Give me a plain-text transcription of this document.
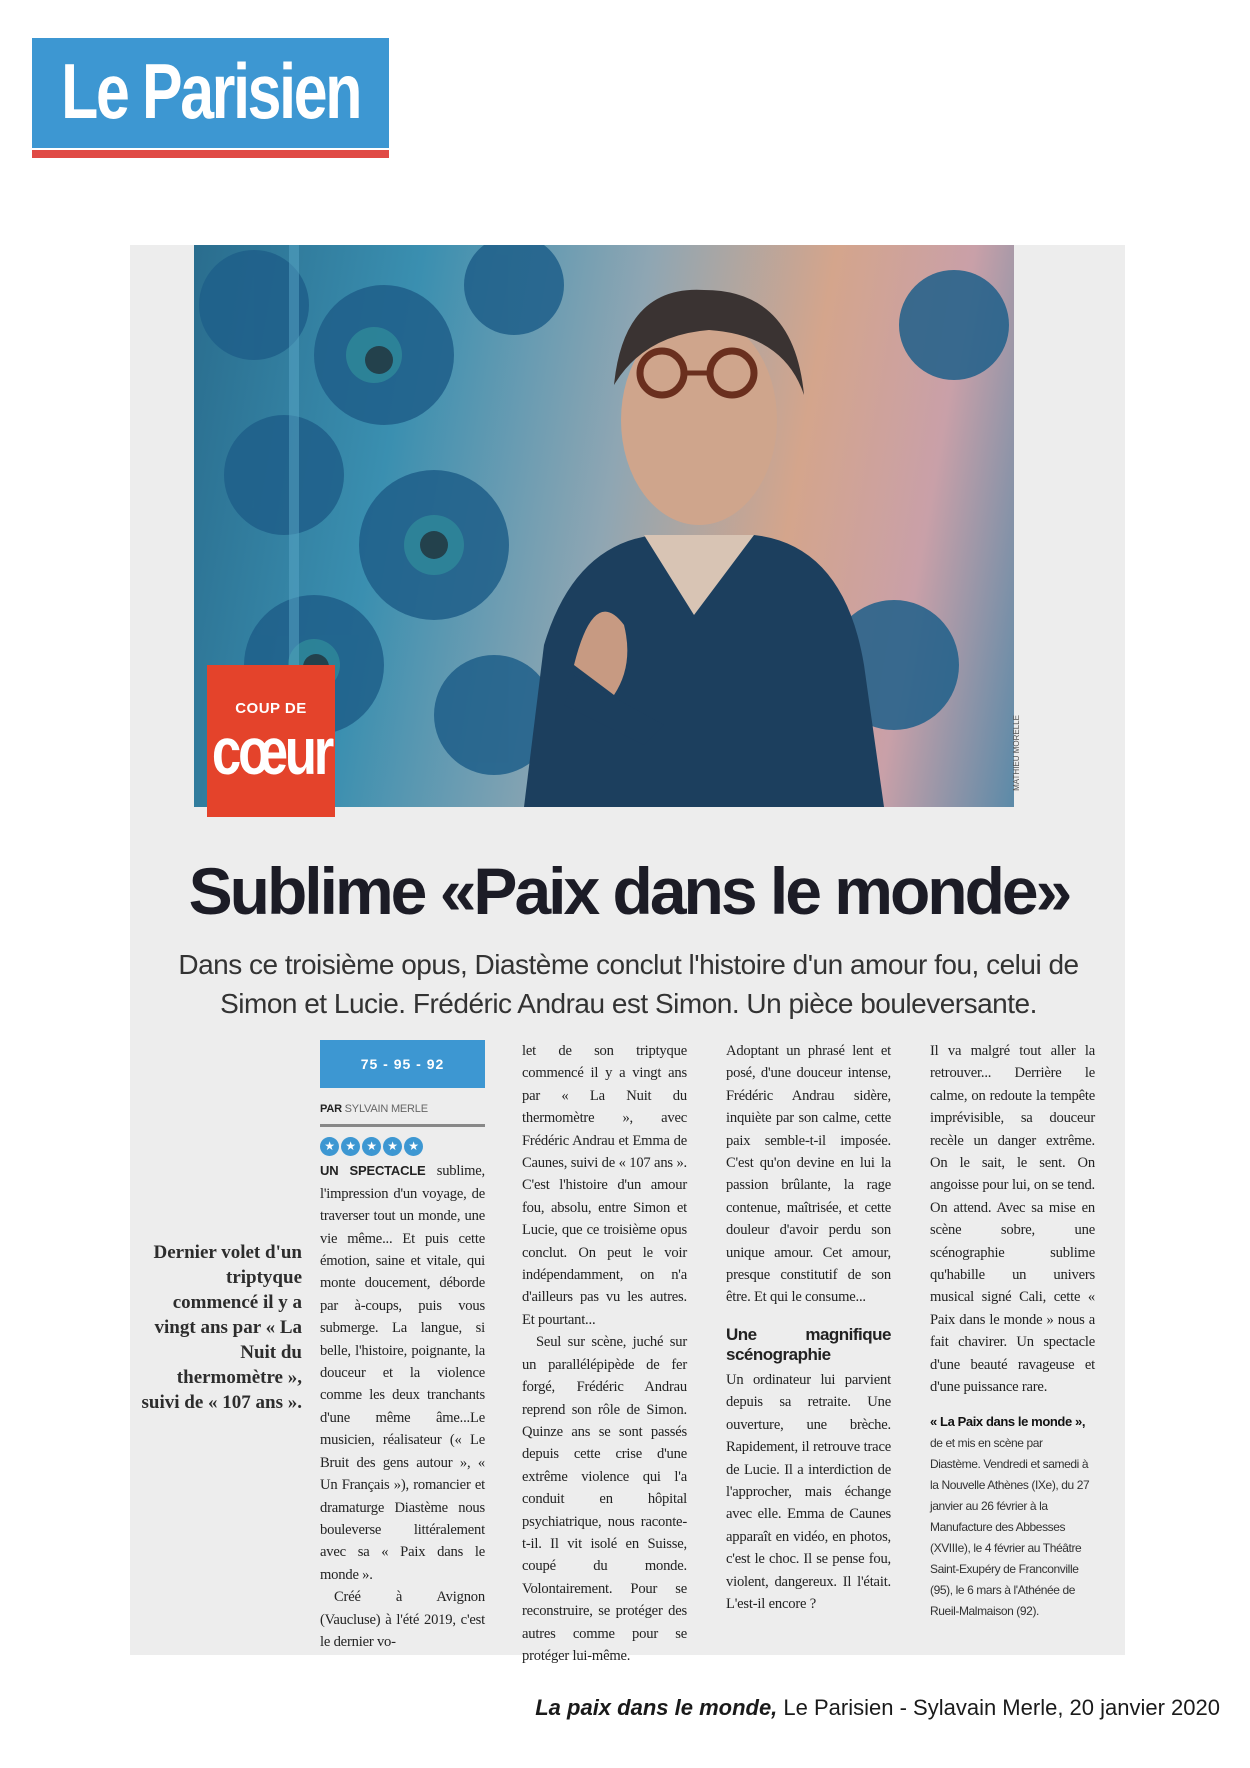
Le Parisien
MATHIEU MORELLE
COUP DE
cœur
Sublime «Paix dans le monde»
Dans ce troisième opus, Diastème conclut l'histoire d'un amour fou, celui de Simon et Lucie. Frédéric Andrau est Simon. Un pièce bouleversante.
Dernier volet d'un triptyque commencé il y a vingt ans par « La Nuit du thermomètre », suivi de « 107 ans ».
75 - 95 - 92
PAR SYLVAIN MERLE
★ ★ ★ ★ ★

UN SPECTACLE sublime, l'impression d'un voyage, de traverser tout un monde, une vie même... Et puis cette émotion, saine et vitale, qui monte doucement, déborde par à-coups, puis vous submerge. La langue, si belle, l'histoire, poignante, la douceur et la violence comme les deux tranchants d'une même âme...Le musicien, réalisateur (« Le Bruit des gens autour », « Un Français »), romancier et dramaturge Diastème nous bouleverse littéralement avec sa « Paix dans le monde ».

Créé à Avignon (Vaucluse) à l'été 2019, c'est le dernier vo-

let de son triptyque commencé il y a vingt ans par « La Nuit du thermomètre », avec Frédéric Andrau et Emma de Caunes, suivi de « 107 ans ». C'est l'histoire d'un amour fou, absolu, entre Simon et Lucie, que ce troisième opus conclut. On peut le voir indépendamment, on n'a d'ailleurs pas vu les autres. Et pourtant...

Seul sur scène, juché sur un parallélépipède de fer forgé, Frédéric Andrau reprend son rôle de Simon. Quinze ans se sont passés depuis cette crise d'une extrême violence qui l'a conduit en hôpital psychiatrique, nous raconte-t-il. Il vit isolé en Suisse, coupé du monde. Volontairement. Pour se reconstruire, se protéger des autres comme pour se protéger lui-même.

Adoptant un phrasé lent et posé, d'une douceur intense, Frédéric Andrau sidère, inquiète par son calme, cette paix semble-t-il imposée. C'est qu'on devine en lui la passion brûlante, la rage contenue, maîtrisée, et cette douleur d'avoir perdu son unique amour. Cet amour, presque constitutif de son être. Et qui le consume...

Une magnifique scénographie

Un ordinateur lui parvient depuis sa retraite. Une ouverture, une brèche. Rapidement, il retrouve trace de Lucie. Il a interdiction de l'approcher, mais échange avec elle. Emma de Caunes apparaît en vidéo, en photos, c'est le choc. Il se pense fou, violent, dangereux. Il l'était. L'est-il encore ?

Il va malgré tout aller la retrouver... Derrière le calme, on redoute la tempête imprévisible, sa douceur recèle un danger extrême. On le sait, le sent. On angoisse pour lui, on se tend. On attend. Avec sa mise en scène sobre, une scénographie sublime qu'habille un univers musical signé Cali, cette « Paix dans le monde » nous a fait chavirer. Un spectacle d'une beauté ravageuse et d'une puissance rare.

« La Paix dans le monde », de et mis en scène par Diastème. Vendredi et samedi à la Nouvelle Athènes (IXe), du 27 janvier au 26 février à la Manufacture des Abbesses (XVIIIe), le 4 février au Théâtre Saint-Exupéry de Franconville (95), le 6 mars à l'Athénée de Rueil-Malmaison (92).
La paix dans le monde, Le Parisien - Sylavain Merle, 20 janvier 2020
